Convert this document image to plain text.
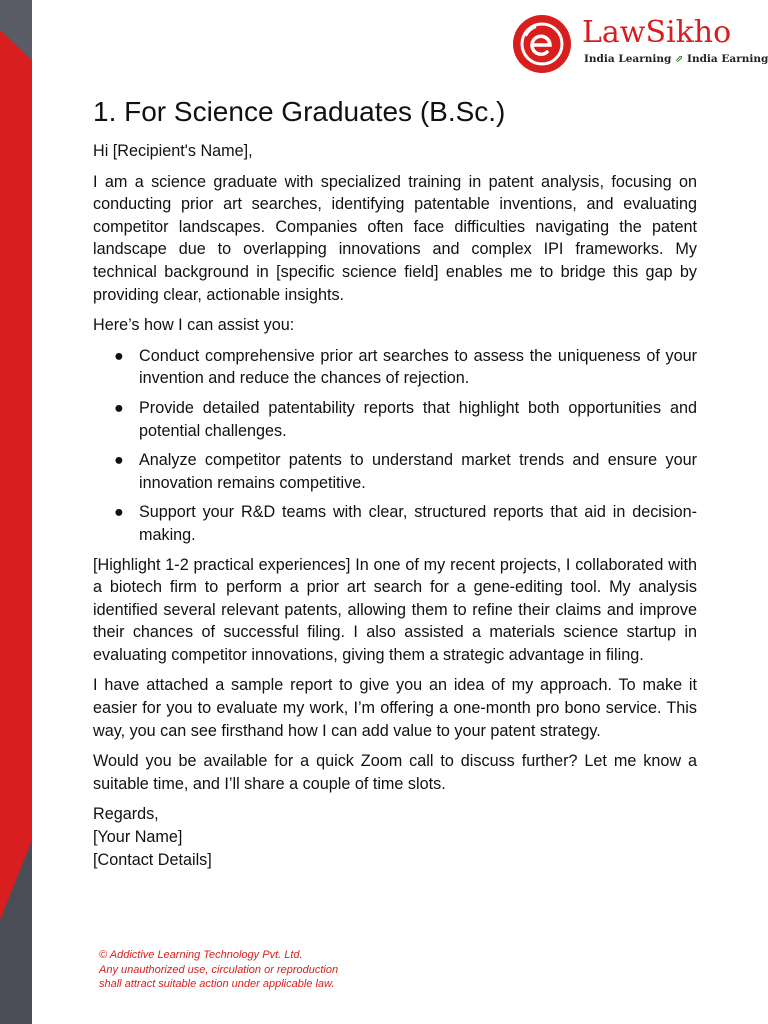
LawSikho
India Learning ⇗ India Earning
1. For Science Graduates (B.Sc.)

Hi [Recipient's Name],

I am a science graduate with specialized training in patent analysis, focusing on conducting prior art searches, identifying patentable inventions, and evaluating competitor landscapes. Companies often face difficulties navigating the patent landscape due to overlapping innovations and complex IPI frameworks. My technical background in [specific science field] enables me to bridge this gap by providing clear, actionable insights.

Here’s how I can assist you:

● Conduct comprehensive prior art searches to assess the uniqueness of your invention and reduce the chances of rejection.
● Provide detailed patentability reports that highlight both opportunities and potential challenges.
● Analyze competitor patents to understand market trends and ensure your innovation remains competitive.
● Support your R&D teams with clear, structured reports that aid in decision-making.

[Highlight 1-2 practical experiences] In one of my recent projects, I collaborated with a biotech firm to perform a prior art search for a gene-editing tool. My analysis identified several relevant patents, allowing them to refine their claims and improve their chances of successful filing. I also assisted a materials science startup in evaluating competitor innovations, giving them a strategic advantage in filing.

I have attached a sample report to give you an idea of my approach. To make it easier for you to evaluate my work, I’m offering a one-month pro bono service. This way, you can see firsthand how I can add value to your patent strategy.

Would you be available for a quick Zoom call to discuss further? Let me know a suitable time, and I’ll share a couple of time slots.

Regards,

[Your Name]

[Contact Details]

© Addictive Learning Technology Pvt. Ltd.
Any unauthorized use, circulation or reproduction
shall attract suitable action under applicable law.
